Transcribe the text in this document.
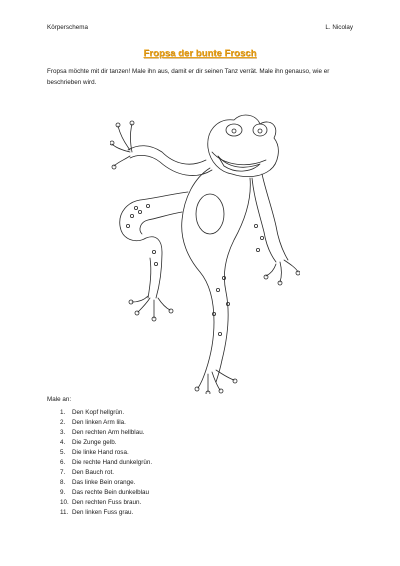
Körperschema	L. Nicolay
Fropsa der bunte Frosch
Fropsa möchte mit dir tanzen! Male ihn aus, damit er dir seinen Tanz verrät. Male ihn genauso, wie er beschrieben wird.
Male an:
1. Den Kopf hellgrün.
2. Den linken Arm lila.
3. Den rechten Arm hellblau.
4. Die Zunge gelb.
5. Die linke Hand rosa.
6. Die rechte Hand dunkelgrün.
7. Den Bauch rot.
8. Das linke Bein orange.
9. Das rechte Bein dunkelblau
10. Den rechten Fuss braun.
11. Den linken Fuss grau.
